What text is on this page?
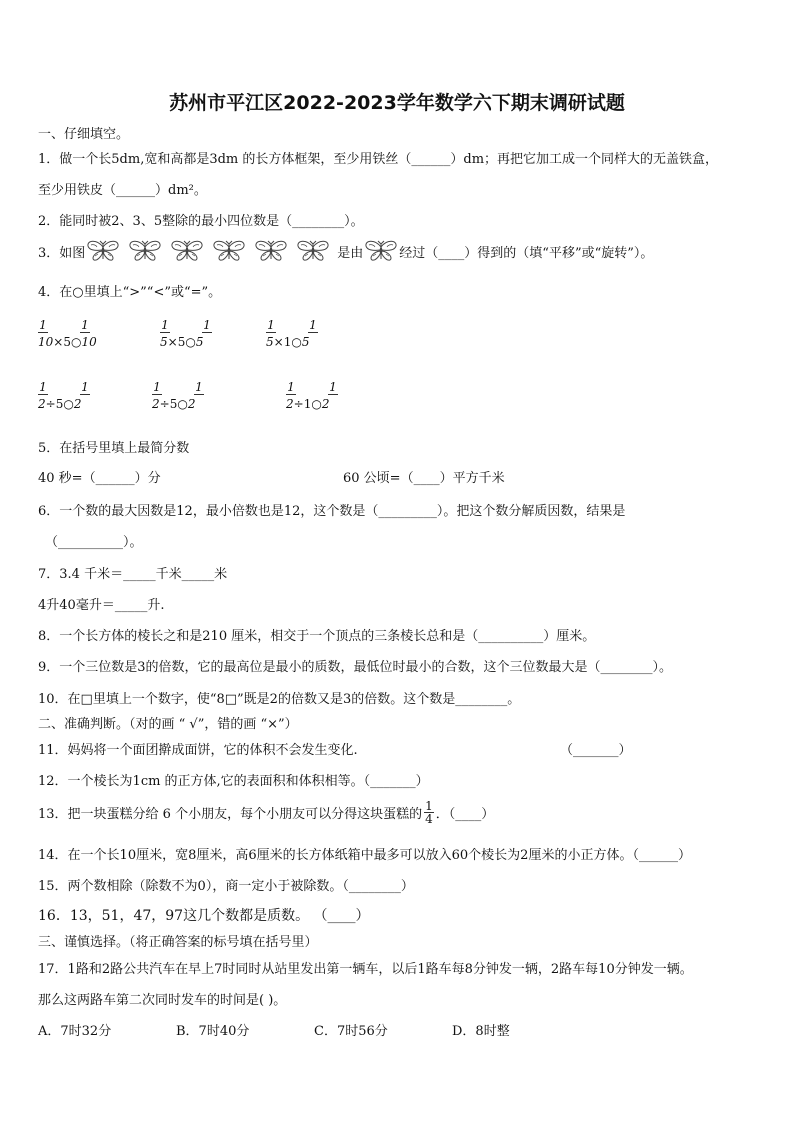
苏州市平江区2022-2023学年数学六下期末调研试题
一、仔细填空。
1．做一个长5dm,宽和高都是3dm 的长方体框架，至少用铁丝（______）dm；再把它加工成一个同样大的无盖铁盒，
至少用铁皮（______）dm²。
2．能同时被2、3、5整除的最小四位数是（________）。
3．如图	是由	经过（____）得到的（填“平移”或“旋转”）。
4．在○里填上“>”“<”或“=”。
1	1
10×5○10
1	1
5×5○5
1	1
5×1○5
1	1
2÷5○2
1	1
2÷5○2
1	1
2÷1○2
5．在括号里填上最简分数
40 秒=（______）分	60 公顷=（____）平方千米
6．一个数的最大因数是12，最小倍数也是12，这个数是（_________）。把这个数分解质因数，结果是
（__________）。
7．3.4 千米＝_____千米_____米
4升40毫升＝_____升.
8．一个长方体的棱长之和是210 厘米，相交于一个顶点的三条棱长总和是（__________）厘米。
9．一个三位数是3的倍数，它的最高位是最小的质数，最低位时最小的合数，这个三位数最大是（________）。
10．在□里填上一个数字，使“8□”既是2的倍数又是3的倍数。这个数是________。
二、准确判断。（对的画 “ √”，错的画 “×”）
11．妈妈将一个面团擀成面饼，它的体积不会发生变化.	（_______）
12．一个棱长为1cm 的正方体,它的表面积和体积相等。（_______）
13．把一块蛋糕分给 6 个小朋友，每个小朋友可以分得这块蛋糕的 $\frac{1}{4}$ ．（____）
14．在一个长10厘米，宽8厘米，高6厘米的长方体纸箱中最多可以放入60个棱长为2厘米的小正方体。（______）
15．两个数相除（除数不为0），商一定小于被除数。（________）
16．13，51，47，97这几个数都是质数。 （____）
三、谨慎选择。（将正确答案的标号填在括号里）
17．1路和2路公共汽车在早上7时同时从站里发出第一辆车，以后1路车每8分钟发一辆，2路车每10分钟发一辆。
那么这两路车第二次同时发车的时间是( )。
A．7时32分	B．7时40分	C．7时56分	D．8时整
